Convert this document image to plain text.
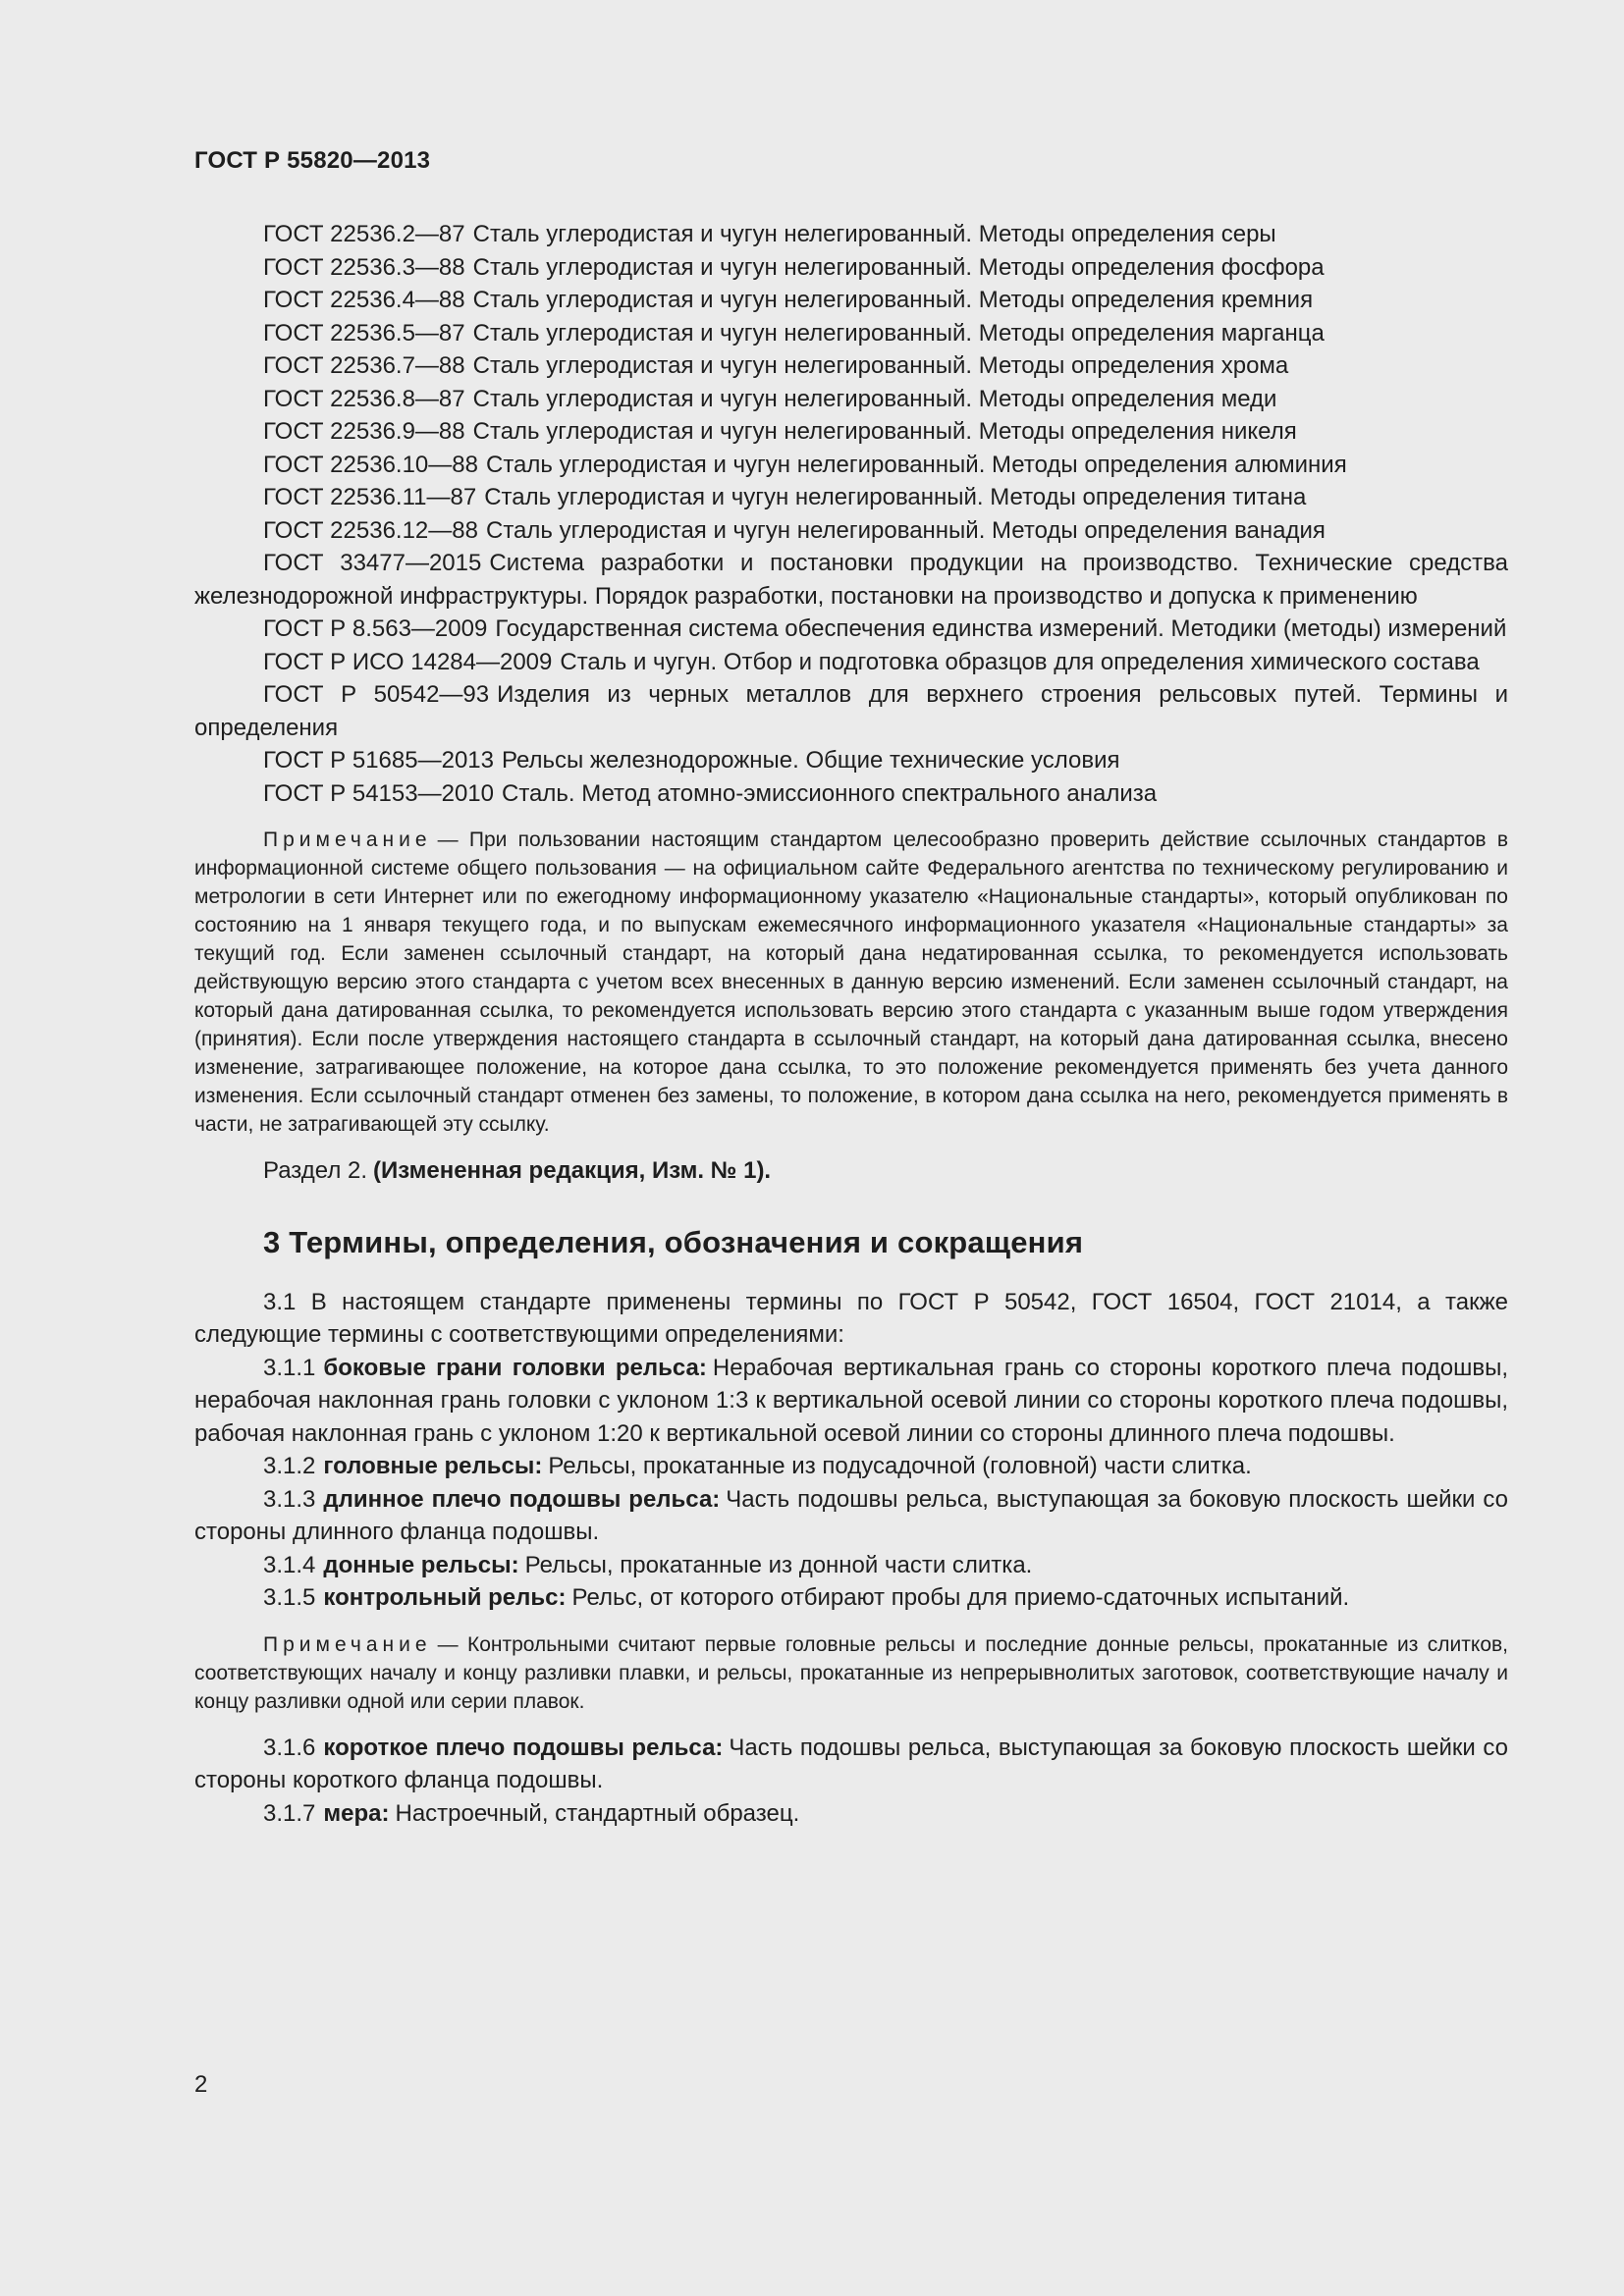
ГОСТ Р 55820—2013

ГОСТ 22536.2—87 Сталь углеродистая и чугун нелегированный. Методы определения серы

ГОСТ 22536.3—88 Сталь углеродистая и чугун нелегированный. Методы определения фосфора

ГОСТ 22536.4—88 Сталь углеродистая и чугун нелегированный. Методы определения кремния

ГОСТ 22536.5—87 Сталь углеродистая и чугун нелегированный. Методы определения марганца

ГОСТ 22536.7—88 Сталь углеродистая и чугун нелегированный. Методы определения хрома

ГОСТ 22536.8—87 Сталь углеродистая и чугун нелегированный. Методы определения меди

ГОСТ 22536.9—88 Сталь углеродистая и чугун нелегированный. Методы определения никеля

ГОСТ 22536.10—88 Сталь углеродистая и чугун нелегированный. Методы определения алюминия

ГОСТ 22536.11—87 Сталь углеродистая и чугун нелегированный. Методы определения титана

ГОСТ 22536.12—88 Сталь углеродистая и чугун нелегированный. Методы определения ванадия

ГОСТ 33477—2015 Система разработки и постановки продукции на производство. Технические средства железнодорожной инфраструктуры. Порядок разработки, постановки на производство и допуска к применению

ГОСТ Р 8.563—2009 Государственная система обеспечения единства измерений. Методики (методы) измерений

ГОСТ Р ИСО 14284—2009 Сталь и чугун. Отбор и подготовка образцов для определения химического состава

ГОСТ Р 50542—93 Изделия из черных металлов для верхнего строения рельсовых путей. Термины и определения

ГОСТ Р 51685—2013 Рельсы железнодорожные. Общие технические условия

ГОСТ Р 54153—2010 Сталь. Метод атомно-эмиссионного спектрального анализа

Примечание — При пользовании настоящим стандартом целесообразно проверить действие ссылочных стандартов в информационной системе общего пользования — на официальном сайте Федерального агентства по техническому регулированию и метрологии в сети Интернет или по ежегодному информационному указателю «Национальные стандарты», который опубликован по состоянию на 1 января текущего года, и по выпускам ежемесячного информационного указателя «Национальные стандарты» за текущий год. Если заменен ссылочный стандарт, на который дана недатированная ссылка, то рекомендуется использовать действующую версию этого стандарта с учетом всех внесенных в данную версию изменений. Если заменен ссылочный стандарт, на который дана датированная ссылка, то рекомендуется использовать версию этого стандарта с указанным выше годом утверждения (принятия). Если после утверждения настоящего стандарта в ссылочный стандарт, на который дана датированная ссылка, внесено изменение, затрагивающее положение, на которое дана ссылка, то это положение рекомендуется применять без учета данного изменения. Если ссылочный стандарт отменен без замены, то положение, в котором дана ссылка на него, рекомендуется применять в части, не затрагивающей эту ссылку.

Раздел 2. (Измененная редакция, Изм. № 1).

3 Термины, определения, обозначения и сокращения

3.1 В настоящем стандарте применены термины по ГОСТ Р 50542, ГОСТ 16504, ГОСТ 21014, а также следующие термины с соответствующими определениями:

3.1.1 боковые грани головки рельса: Нерабочая вертикальная грань со стороны короткого плеча подошвы, нерабочая наклонная грань головки с уклоном 1:3 к вертикальной осевой линии со стороны короткого плеча подошвы, рабочая наклонная грань с уклоном 1:20 к вертикальной осевой линии со стороны длинного плеча подошвы.

3.1.2 головные рельсы: Рельсы, прокатанные из подусадочной (головной) части слитка.

3.1.3 длинное плечо подошвы рельса: Часть подошвы рельса, выступающая за боковую плоскость шейки со стороны длинного фланца подошвы.

3.1.4 донные рельсы: Рельсы, прокатанные из донной части слитка.

3.1.5 контрольный рельс: Рельс, от которого отбирают пробы для приемо-сдаточных испытаний.

Примечание — Контрольными считают первые головные рельсы и последние донные рельсы, прокатанные из слитков, соответствующих началу и концу разливки плавки, и рельсы, прокатанные из непрерывнолитых заготовок, соответствующие началу и концу разливки одной или серии плавок.

3.1.6 короткое плечо подошвы рельса: Часть подошвы рельса, выступающая за боковую плоскость шейки со стороны короткого фланца подошвы.

3.1.7 мера: Настроечный, стандартный образец.

2
